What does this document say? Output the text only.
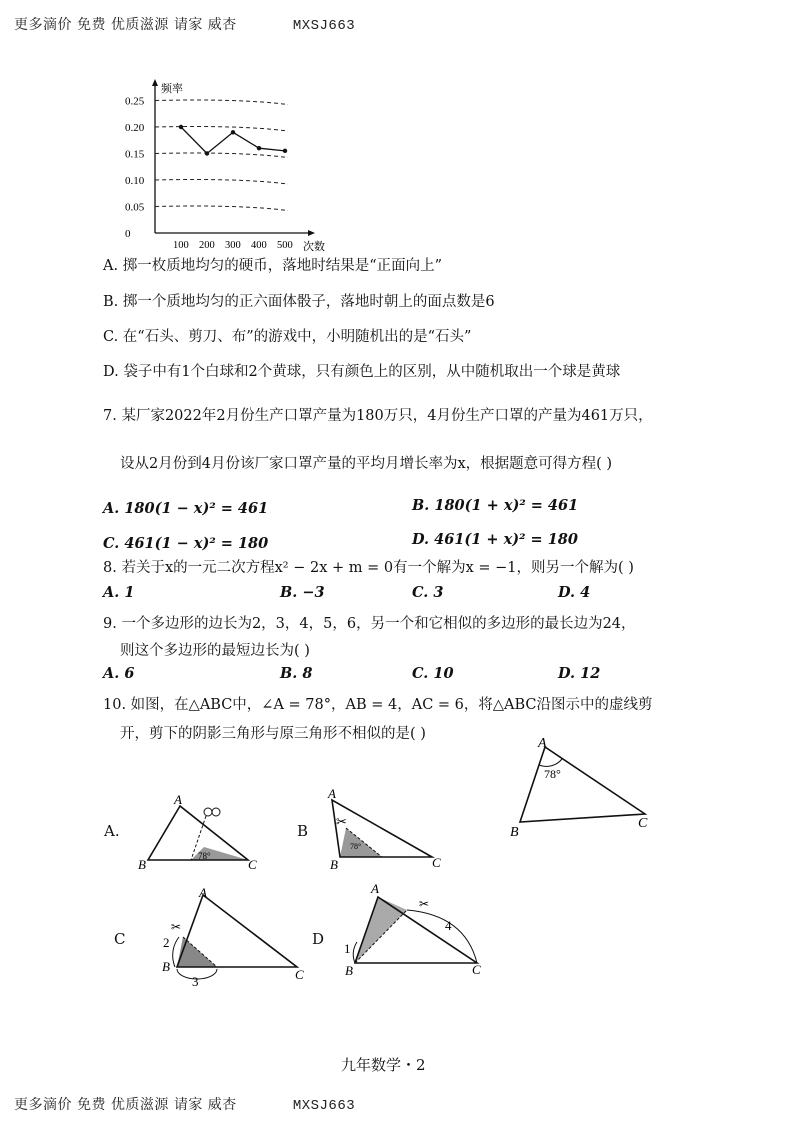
更多滴价 免费 优质滋源 请家 威杏	MXSJ663
0.25
0.20
0.15
0.10
0.05
0
100 200 300 400 500
频率
次数
A. 掷一枚质地均匀的硬币，落地时结果是“正面向上”
B. 掷一个质地均匀的正六面体骰子，落地时朝上的面点数是6
C. 在“石头、剪刀、布”的游戏中，小明随机出的是“石头”
D. 袋子中有1个白球和2个黄球，只有颜色上的区别，从中随机取出一个球是黄球
7. 某厂家2022年2月份生产口罩产量为180万只，4月份生产口罩的产量为461万只，
设从2月份到4月份该厂家口罩产量的平均月增长率为x，根据题意可得方程( )
A. 180(1 − x)² = 461	B. 180(1 + x)² = 461
C. 461(1 − x)² = 180	D. 461(1 + x)² = 180
8. 若关于x的一元二次方程x² − 2x + m = 0有一个解为x = −1，则另一个解为( )
A. 1	B. −3	C. 3	D. 4
9. 一个多边形的边长为2，3，4，5，6，另一个和它相似的多边形的最长边为24，
则这个多边形的最短边长为( )
A. 6	B. 8	C. 10	D. 12
10. 如图，在△ABC中，∠A = 78°，AB = 4，AC = 6，将△ABC沿图示中的虚线剪
开，剪下的阴影三角形与原三角形不相似的是( )
A
B
C
78°
A.
A
B	C
78°
B
✂
A
B	C
78°
C
✂
A
B
C
2
3
D
✂
A
B	C
1
4
九年数学・2
更多滴价 免费 优质滋源 请家 威杏	MXSJ663
